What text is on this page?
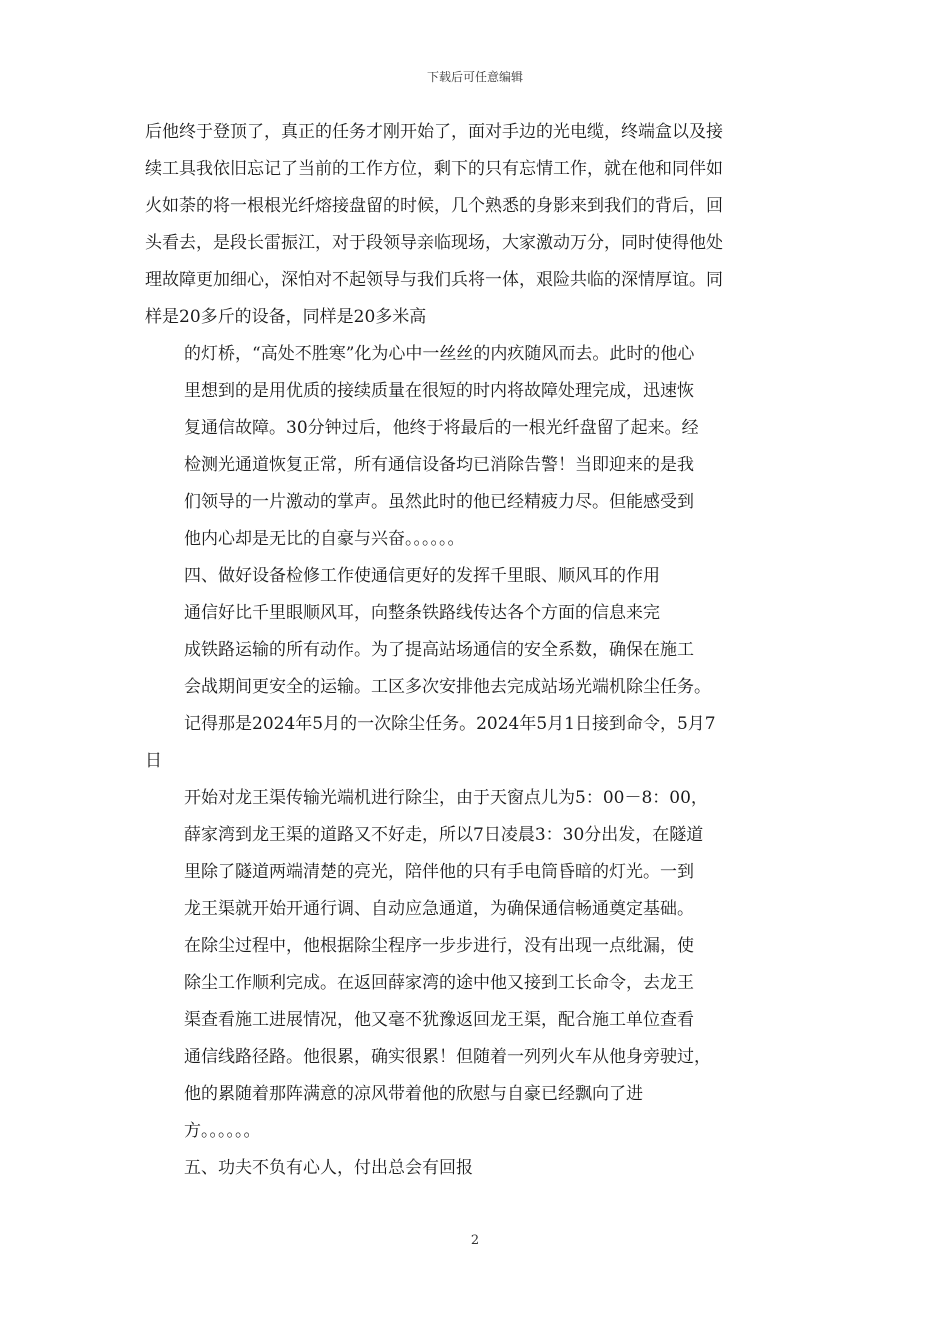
下载后可任意编辑
后他终于登顶了，真正的任务才刚开始了，面对手边的光电缆，终端盒以及接
续工具我依旧忘记了当前的工作方位，剩下的只有忘情工作，就在他和同伴如
火如荼的将一根根光纤熔接盘留的时候，几个熟悉的身影来到我们的背后，回
头看去，是段长雷振江，对于段领导亲临现场，大家激动万分，同时使得他处
理故障更加细心，深怕对不起领导与我们兵将一体，艰险共临的深情厚谊。同
样是20多斤的设备，同样是20多米高
的灯桥，“高处不胜寒”化为心中一丝丝的内疚随风而去。此时的他心
里想到的是用优质的接续质量在很短的时内将故障处理完成，迅速恢
复通信故障。30分钟过后，他终于将最后的一根光纤盘留了起来。经
检测光通道恢复正常，所有通信设备均已消除告警！当即迎来的是我
们领导的一片激动的掌声。虽然此时的他已经精疲力尽。但能感受到
他内心却是无比的自豪与兴奋。。。。。。
四、做好设备检修工作使通信更好的发挥千里眼、顺风耳的作用
通信好比千里眼顺风耳，向整条铁路线传达各个方面的信息来完
成铁路运输的所有动作。为了提高站场通信的安全系数，确保在施工
会战期间更安全的运输。工区多次安排他去完成站场光端机除尘任务。
记得那是2024年5月的一次除尘任务。2024年5月1日接到命令，5月7
日
开始对龙王渠传输光端机进行除尘，由于天窗点儿为5：00－8：00，
薛家湾到龙王渠的道路又不好走，所以7日凌晨3：30分出发，在隧道
里除了隧道两端清楚的亮光，陪伴他的只有手电筒昏暗的灯光。一到
龙王渠就开始开通行调、自动应急通道，为确保通信畅通奠定基础。
在除尘过程中，他根据除尘程序一步步进行，没有出现一点纰漏，使
除尘工作顺利完成。在返回薛家湾的途中他又接到工长命令，去龙王
渠查看施工进展情况，他又毫不犹豫返回龙王渠，配合施工单位查看
通信线路径路。他很累，确实很累！但随着一列列火车从他身旁驶过，
他的累随着那阵满意的凉风带着他的欣慰与自豪已经飘向了进
方。。。。。。
五、功夫不负有心人，付出总会有回报
2
